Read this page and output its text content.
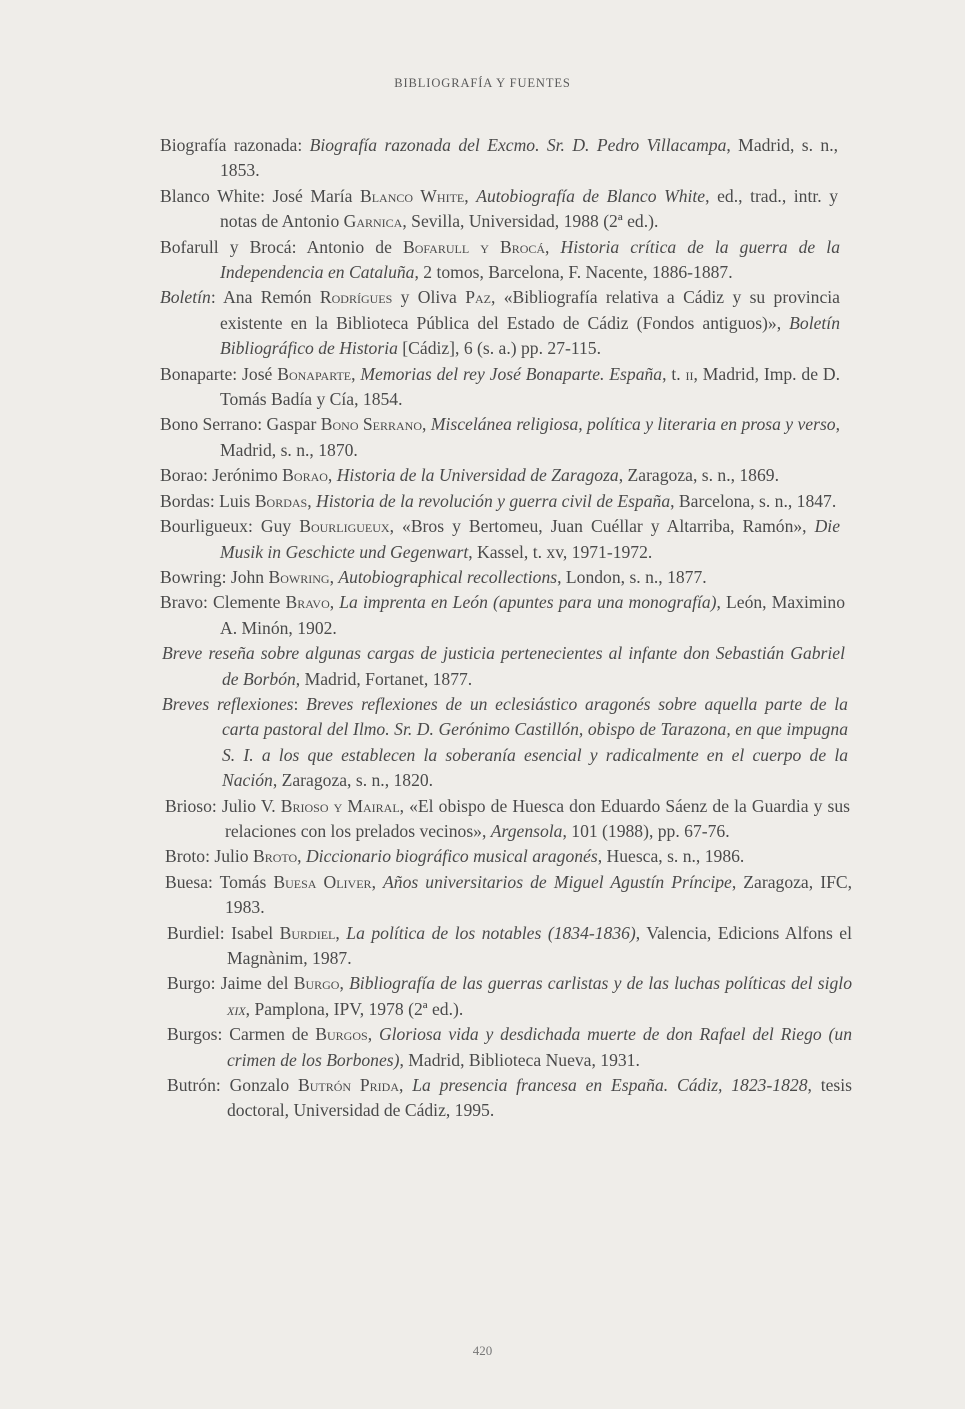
BIBLIOGRAFÍA Y FUENTES
Biografía razonada: Biografía razonada del Excmo. Sr. D. Pedro Villacampa, Madrid, s. n., 1853.
Blanco White: José María Blanco White, Autobiografía de Blanco White, ed., trad., intr. y notas de Antonio Garnica, Sevilla, Universidad, 1988 (2ª ed.).
Bofarull y Brocá: Antonio de Bofarull y Brocá, Historia crítica de la guerra de la Independencia en Cataluña, 2 tomos, Barcelona, F. Nacente, 1886-1887.
Boletín: Ana Remón Rodrígues y Oliva Paz, «Bibliografía relativa a Cádiz y su provincia existente en la Biblioteca Pública del Estado de Cádiz (Fondos antiguos)», Boletín Bibliográfico de Historia [Cádiz], 6 (s. a.) pp. 27-115.
Bonaparte: José Bonaparte, Memorias del rey José Bonaparte. España, t. ii, Madrid, Imp. de D. Tomás Badía y Cía, 1854.
Bono Serrano: Gaspar Bono Serrano, Miscelánea religiosa, política y literaria en prosa y verso, Madrid, s. n., 1870.
Borao: Jerónimo Borao, Historia de la Universidad de Zaragoza, Zaragoza, s. n., 1869.
Bordas: Luis Bordas, Historia de la revolución y guerra civil de España, Barcelona, s. n., 1847.
Bourligueux: Guy Bourligueux, «Bros y Bertomeu, Juan Cuéllar y Altarriba, Ramón», Die Musik in Geschicte und Gegenwart, Kassel, t. xv, 1971-1972.
Bowring: John Bowring, Autobiographical recollections, London, s. n., 1877.
Bravo: Clemente Bravo, La imprenta en León (apuntes para una monografía), León, Maximino A. Minón, 1902.
Breve reseña sobre algunas cargas de justicia pertenecientes al infante don Sebastián Gabriel de Borbón, Madrid, Fortanet, 1877.
Breves reflexiones: Breves reflexiones de un eclesiástico aragonés sobre aquella parte de la carta pastoral del Ilmo. Sr. D. Gerónimo Castillón, obispo de Tarazona, en que impugna S. I. a los que establecen la soberanía esencial y radicalmente en el cuerpo de la Nación, Zaragoza, s. n., 1820.
Brioso: Julio V. Brioso y Mairal, «El obispo de Huesca don Eduardo Sáenz de la Guardia y sus relaciones con los prelados vecinos», Argensola, 101 (1988), pp. 67-76.
Broto: Julio Broto, Diccionario biográfico musical aragonés, Huesca, s. n., 1986.
Buesa: Tomás Buesa Oliver, Años universitarios de Miguel Agustín Príncipe, Zaragoza, IFC, 1983.
Burdiel: Isabel Burdiel, La política de los notables (1834-1836), Valencia, Edicions Alfons el Magnànim, 1987.
Burgo: Jaime del Burgo, Bibliografía de las guerras carlistas y de las luchas políticas del siglo xix, Pamplona, IPV, 1978 (2ª ed.).
Burgos: Carmen de Burgos, Gloriosa vida y desdichada muerte de don Rafael del Riego (un crimen de los Borbones), Madrid, Biblioteca Nueva, 1931.
Butrón: Gonzalo Butrón Prida, La presencia francesa en España. Cádiz, 1823-1828, tesis doctoral, Universidad de Cádiz, 1995.
420
